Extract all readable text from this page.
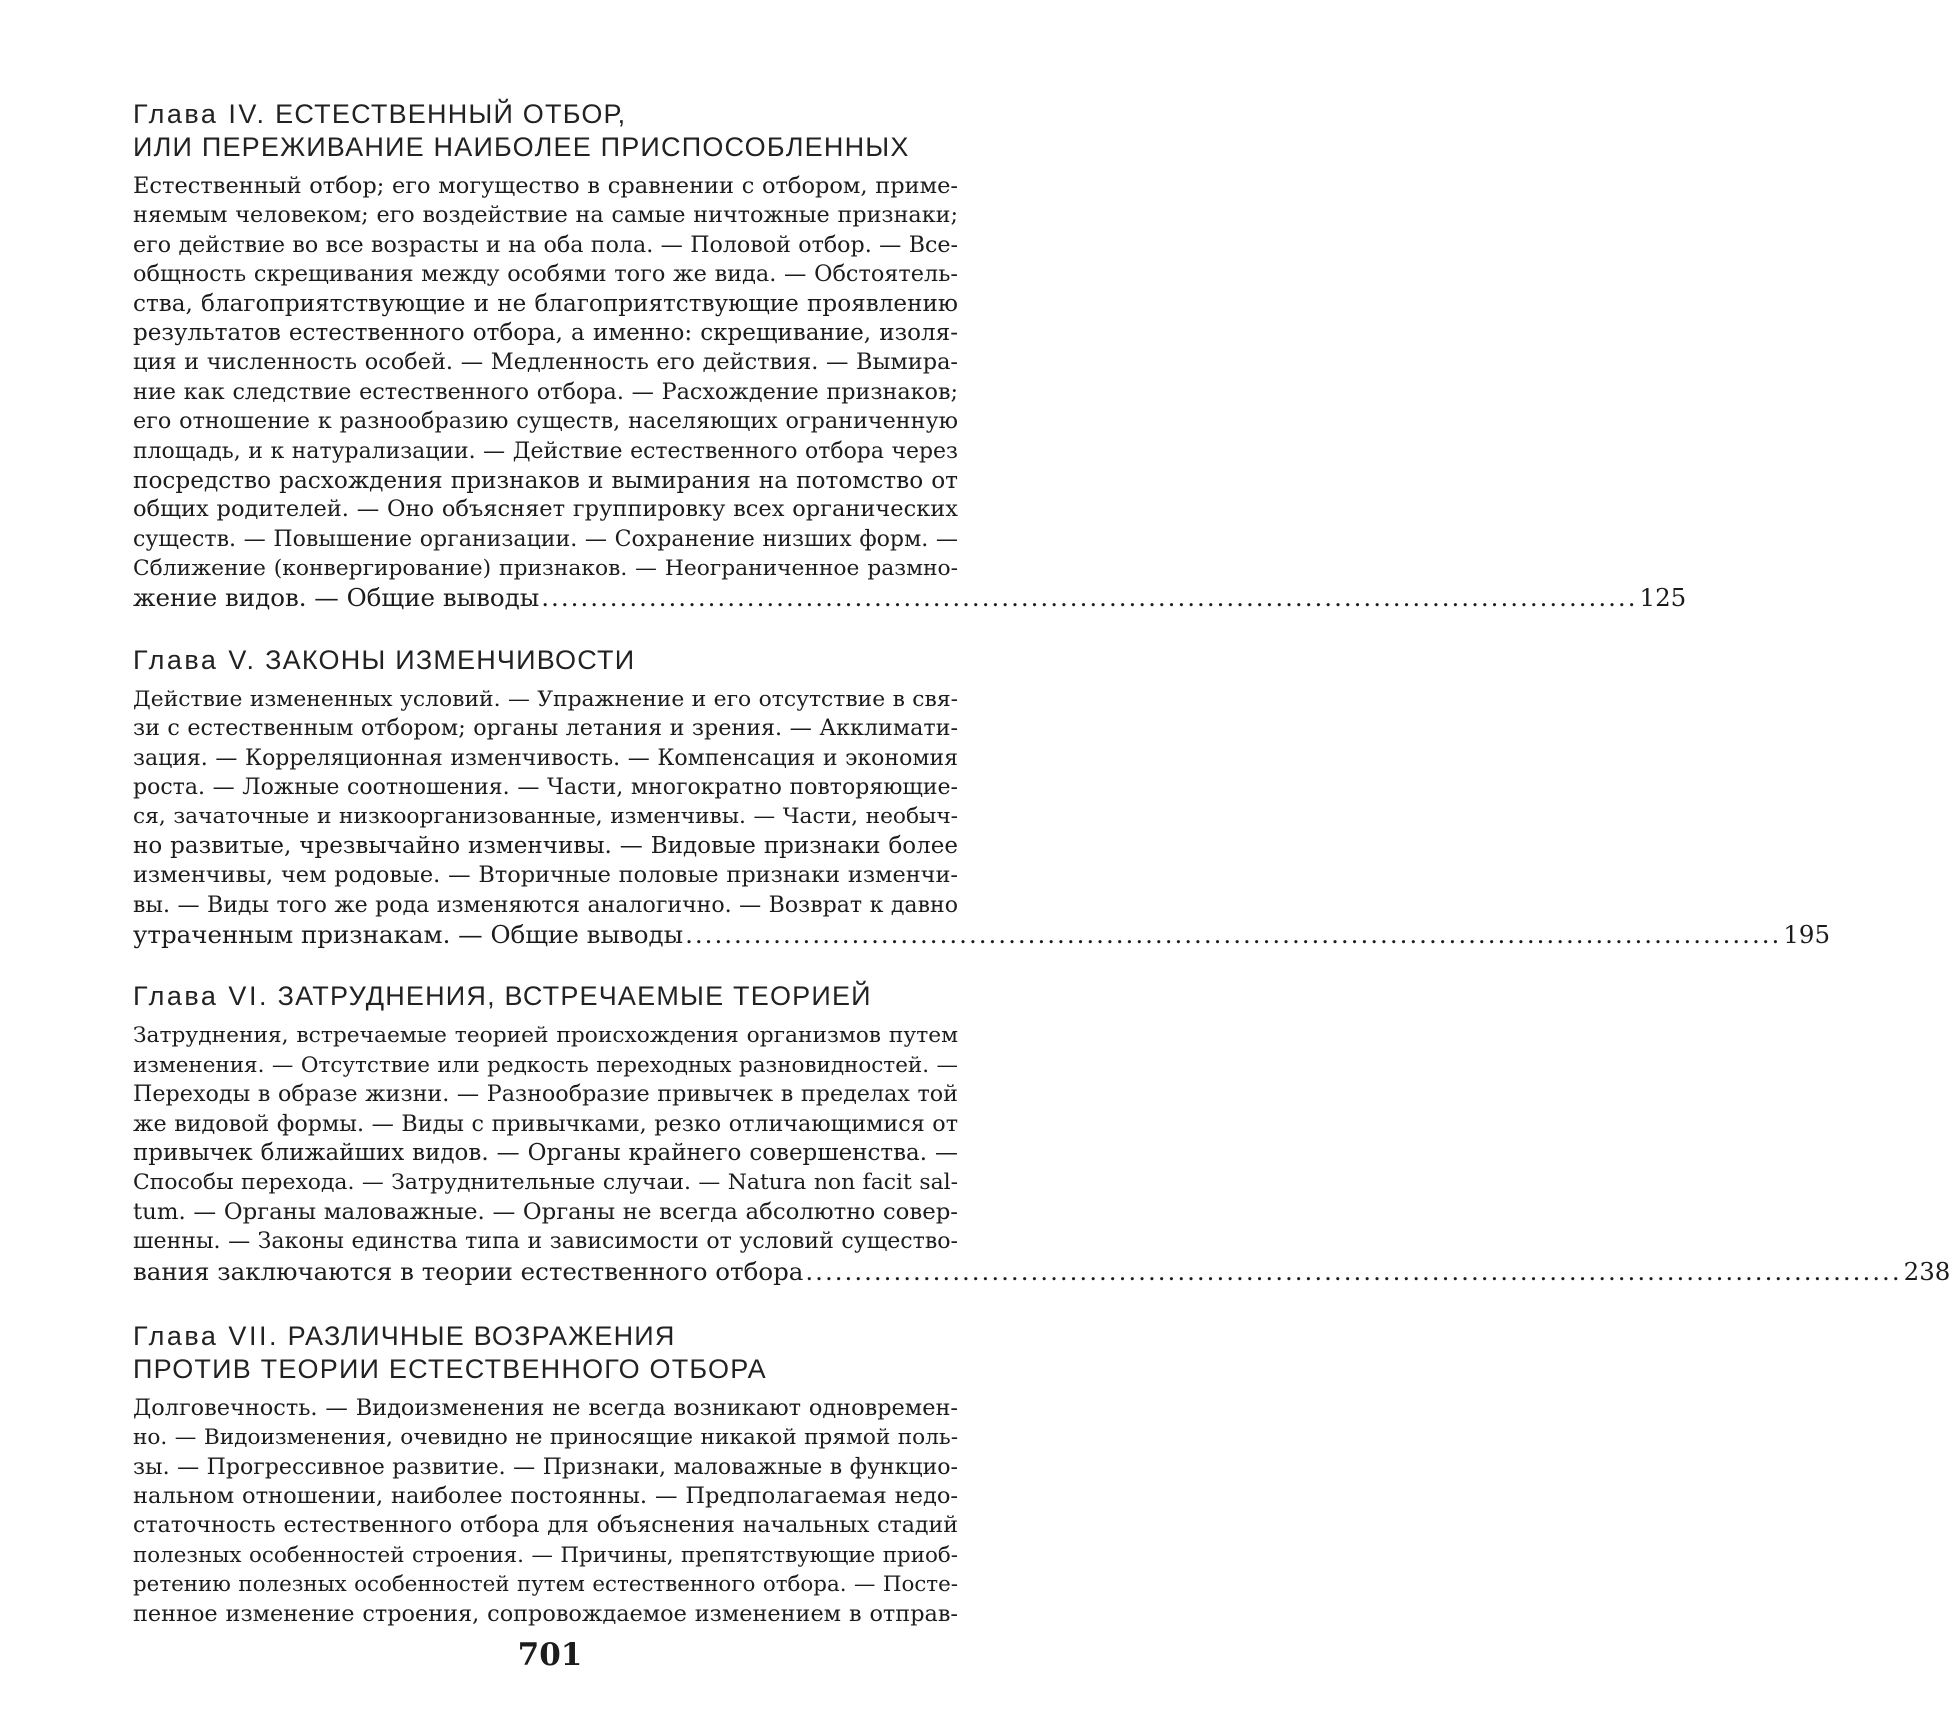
Глава IV. ЕСТЕСТВЕННЫЙ ОТБОР,
ИЛИ ПЕРЕЖИВАНИЕ НАИБОЛЕЕ ПРИСПОСОБЛЕННЫХ
Естественный отбор; его могущество в сравнении с отбором, приме-
няемым человеком; его воздействие на самые ничтожные признаки;
его действие во все возрасты и на оба пола. — Половой отбор. — Все-
общность скрещивания между особями того же вида. — Обстоятель-
ства, благоприятствующие и не благоприятствующие проявлению
результатов естественного отбора, а именно: скрещивание, изоля-
ция и численность особей. — Медленность его действия. — Вымира-
ние как следствие естественного отбора. — Расхождение признаков;
его отношение к разнообразию существ, населяющих ограниченную
площадь, и к натурализации. — Действие естественного отбора через
посредство расхождения признаков и вымирания на потомство от
общих родителей. — Оно объясняет группировку всех органических
существ. — Повышение организации. — Сохранение низших форм. —
Сближение (конвергирование) признаков. — Неограниченное размно-
жение видов. — Общие выводы ................................................................................................................ 125
Глава V. ЗАКОНЫ ИЗМЕНЧИВОСТИ
Действие измененных условий. — Упражнение и его отсутствие в свя-
зи с естественным отбором; органы летания и зрения. — Акклимати-
зация. — Корреляционная изменчивость. — Компенсация и экономия
роста. — Ложные соотношения. — Части, многократно повторяющие-
ся, зачаточные и низкоорганизованные, изменчивы. — Части, необыч-
но развитые, чрезвычайно изменчивы. — Видовые признаки более
изменчивы, чем родовые. — Вторичные половые признаки изменчи-
вы. — Виды того же рода изменяются аналогично. — Возврат к давно
утраченным признакам. — Общие выводы ................................................................................................................ 195
Глава VI. ЗАТРУДНЕНИЯ, ВСТРЕЧАЕМЫЕ ТЕОРИЕЙ
Затруднения, встречаемые теорией происхождения организмов путем
изменения. — Отсутствие или редкость переходных разновидностей. —
Переходы в образе жизни. — Разнообразие привычек в пределах той
же видовой формы. — Виды с привычками, резко отличающимися от
привычек ближайших видов. — Органы крайнего совершенства. —
Способы перехода. — Затруднительные случаи. — Natura non facit sal-
tum. — Органы маловажные. — Органы не всегда абсолютно совер-
шенны. — Законы единства типа и зависимости от условий существо-
вания заключаются в теории естественного отбора ................................................................................................................ 238
Глава VII. РАЗЛИЧНЫЕ ВОЗРАЖЕНИЯ
ПРОТИВ ТЕОРИИ ЕСТЕСТВЕННОГО ОТБОРА
Долговечность. — Видоизменения не всегда возникают одновремен-
но. — Видоизменения, очевидно не приносящие никакой прямой поль-
зы. — Прогрессивное развитие. — Признаки, маловажные в функцио-
нальном отношении, наиболее постоянны. — Предполагаемая недо-
статочность естественного отбора для объяснения начальных стадий
полезных особенностей строения. — Причины, препятствующие приоб-
ретению полезных особенностей путем естественного отбора. — Посте-
пенное изменение строения, сопровождаемое изменением в отправ-
701
